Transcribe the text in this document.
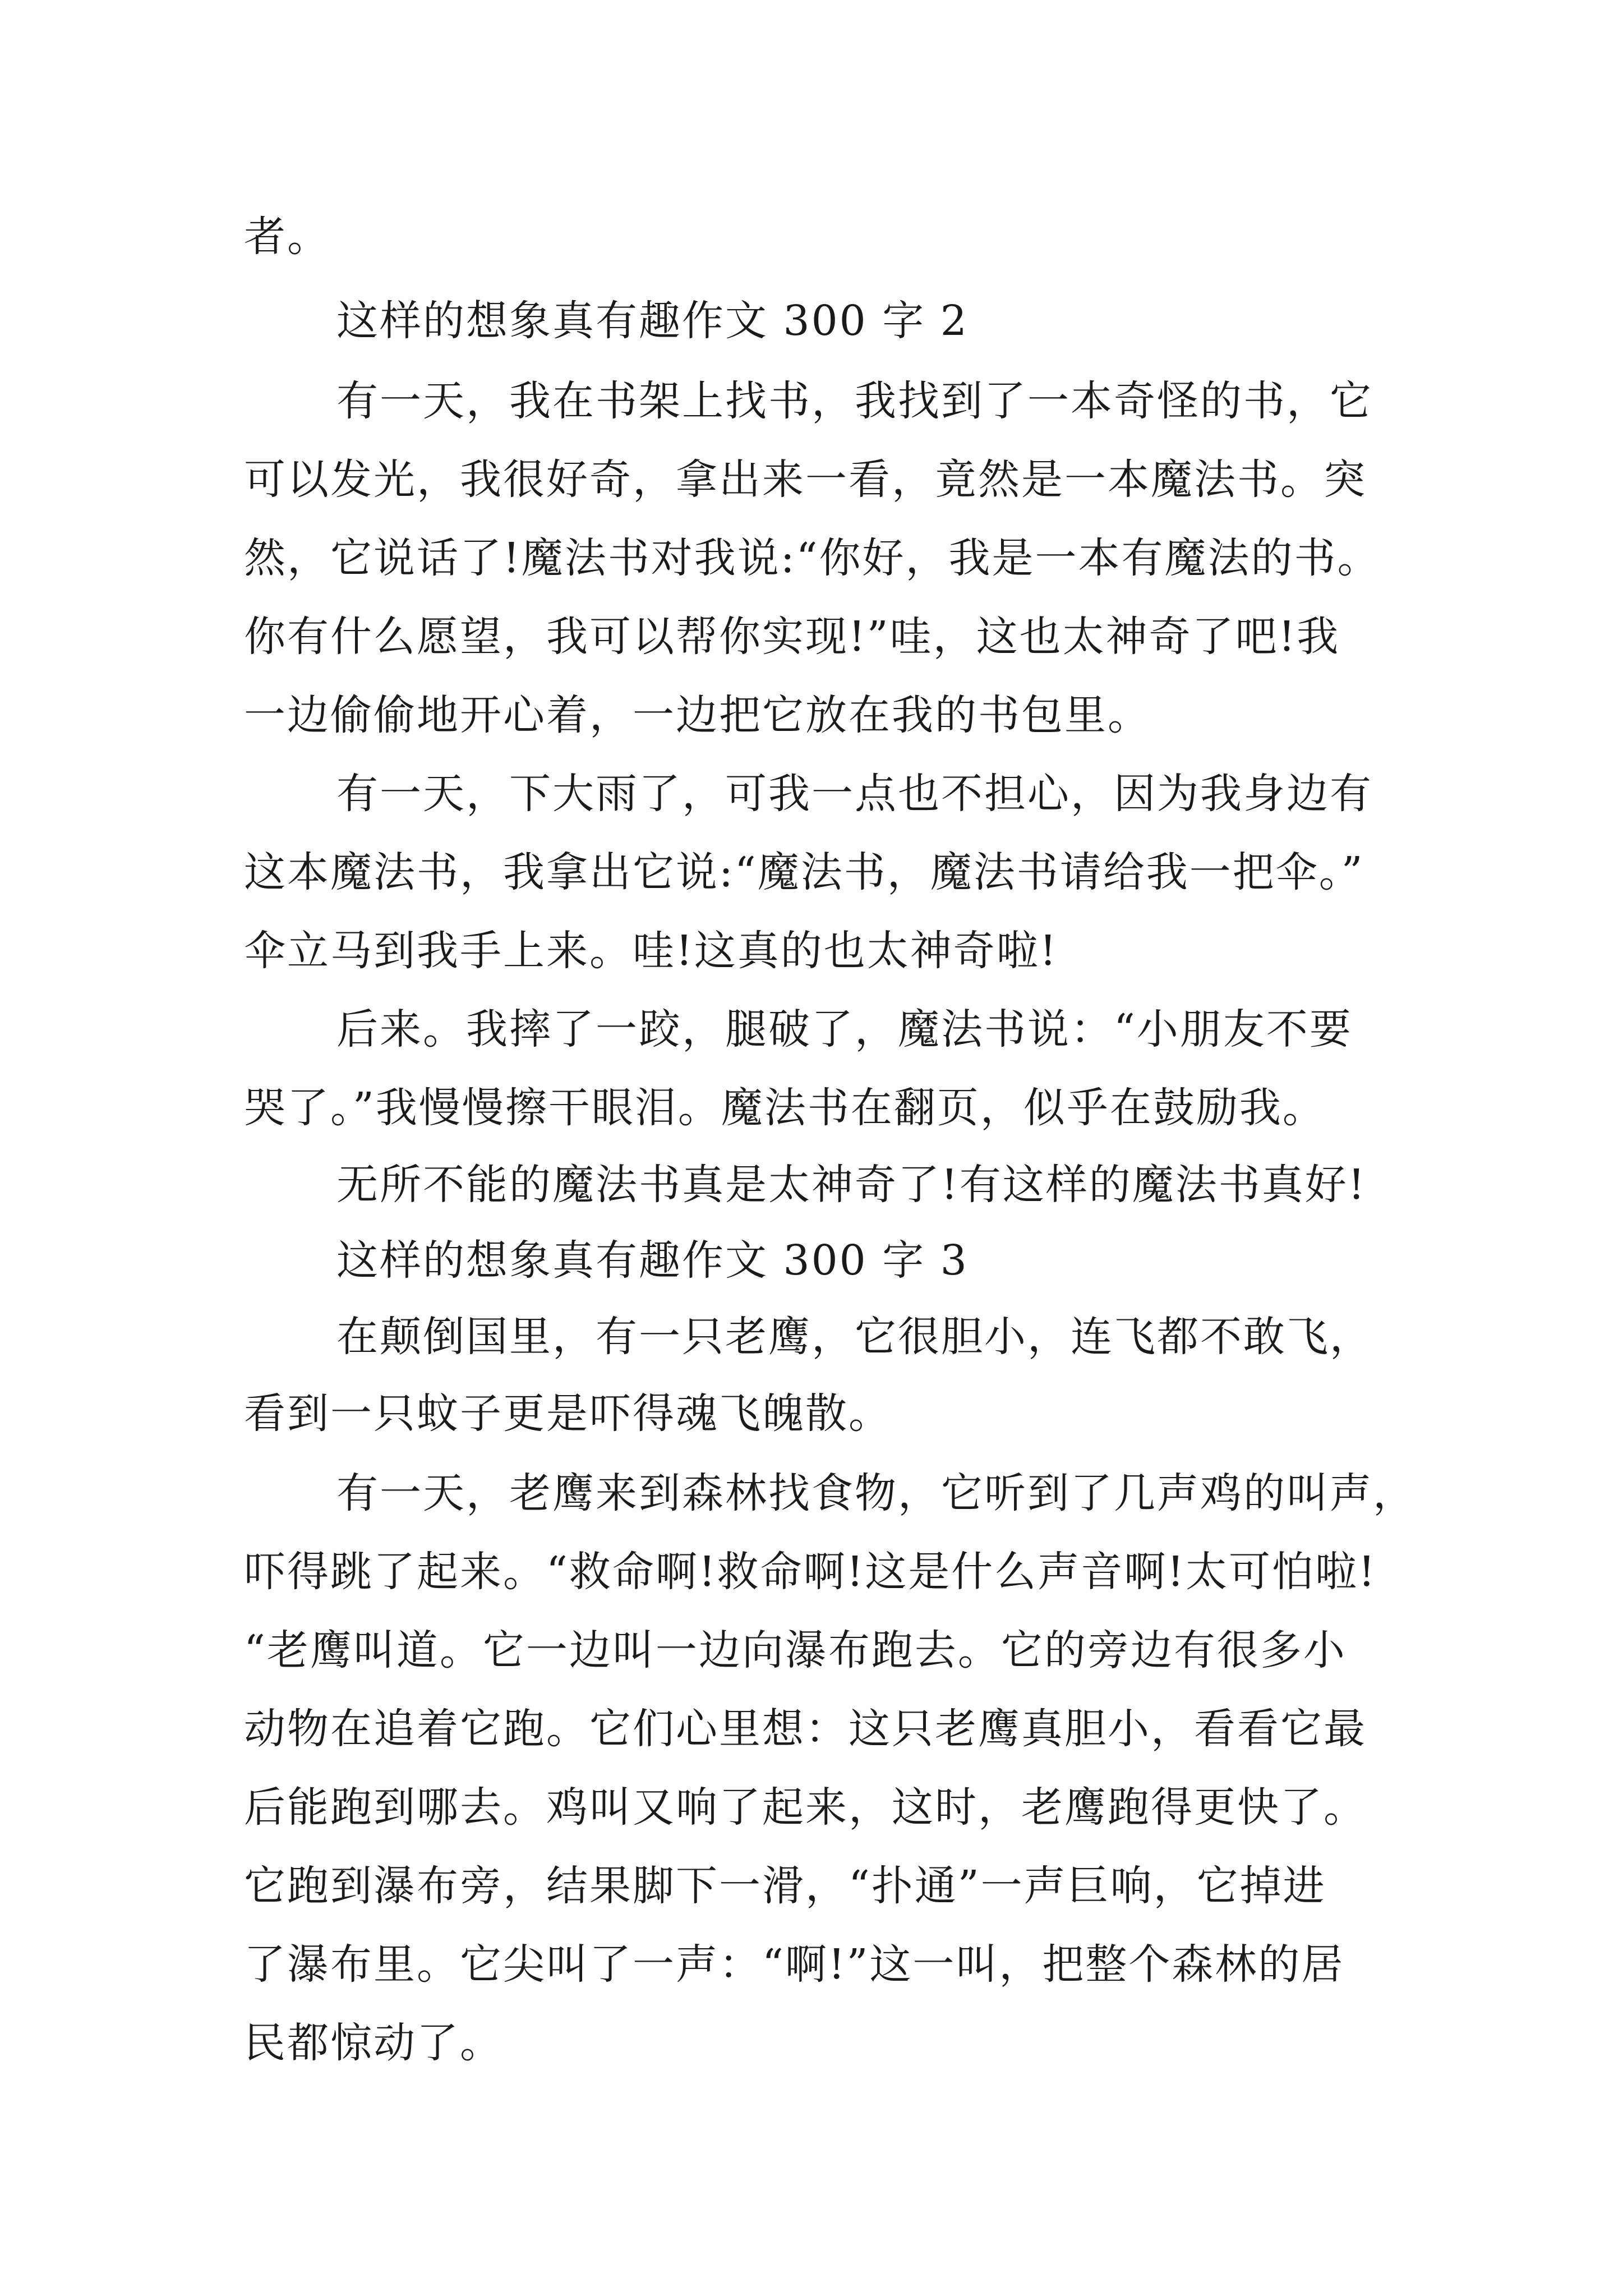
者。
这样的想象真有趣作文 300 字 2
有一天，我在书架上找书，我找到了一本奇怪的书，它
可以发光，我很好奇，拿出来一看，竟然是一本魔法书。突
然，它说话了!魔法书对我说:“你好，我是一本有魔法的书。
你有什么愿望，我可以帮你实现!”哇，这也太神奇了吧!我
一边偷偷地开心着，一边把它放在我的书包里。
有一天，下大雨了，可我一点也不担心，因为我身边有
这本魔法书，我拿出它说:“魔法书，魔法书请给我一把伞。”
伞立马到我手上来。哇!这真的也太神奇啦!
后来。我摔了一跤，腿破了，魔法书说：“小朋友不要
哭了。”我慢慢擦干眼泪。魔法书在翻页，似乎在鼓励我。
无所不能的魔法书真是太神奇了!有这样的魔法书真好!
这样的想象真有趣作文 300 字 3
在颠倒国里，有一只老鹰，它很胆小，连飞都不敢飞，
看到一只蚊子更是吓得魂飞魄散。
有一天，老鹰来到森林找食物，它听到了几声鸡的叫声，
吓得跳了起来。“救命啊!救命啊!这是什么声音啊!太可怕啦!
“老鹰叫道。它一边叫一边向瀑布跑去。它的旁边有很多小
动物在追着它跑。它们心里想：这只老鹰真胆小，看看它最
后能跑到哪去。鸡叫又响了起来，这时，老鹰跑得更快了。
它跑到瀑布旁，结果脚下一滑，“扑通”一声巨响，它掉进
了瀑布里。它尖叫了一声：“啊!”这一叫，把整个森林的居
民都惊动了。
